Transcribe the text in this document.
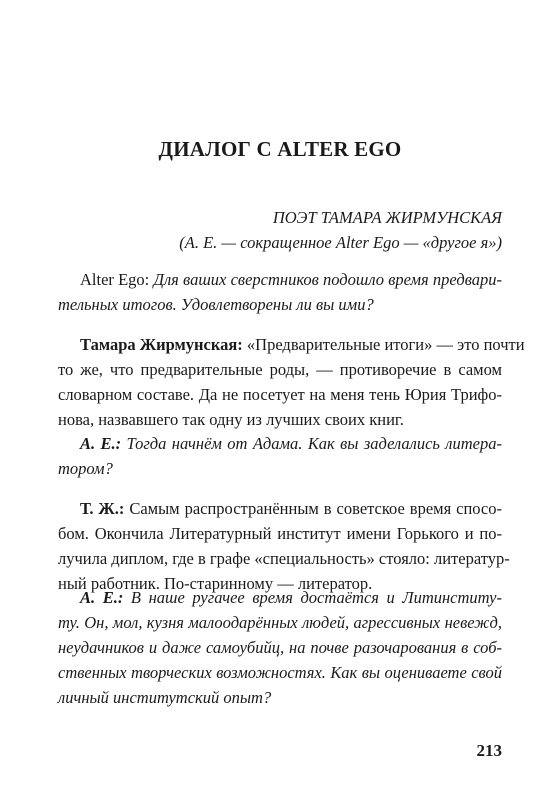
ДИАЛОГ С ALTER EGO
ПОЭТ ТАМАРА ЖИРМУНСКАЯ
(А. Е. — сокращенное Alter Ego — «другое я»)
Alter Ego: Для ваших сверстников подошло время предвари-
тельных итогов. Удовлетворены ли вы ими?
Тамара Жирмунская: «Предварительные итоги» — это почти
то же, что предварительные роды, — противоречие в самом
словарном составе. Да не посетует на меня тень Юрия Трифо-
нова, назвавшего так одну из лучших своих книг.
А. Е.: Тогда начнём от Адама. Как вы заделались литера-
тором?
Т. Ж.: Самым распространённым в советское время спосо-
бом. Окончила Литературный институт имени Горького и по-
лучила диплом, где в графе «специальность» стояло: литератур-
ный работник. По-старинному — литератор.
А. Е.: В наше ругачее время достаётся и Литинститу-
ту. Он, мол, кузня малоодарённых людей, агрессивных невежд,
неудачников и даже самоубийц, на почве разочарования в соб-
ственных творческих возможностях. Как вы оцениваете свой
личный институтский опыт?
213
